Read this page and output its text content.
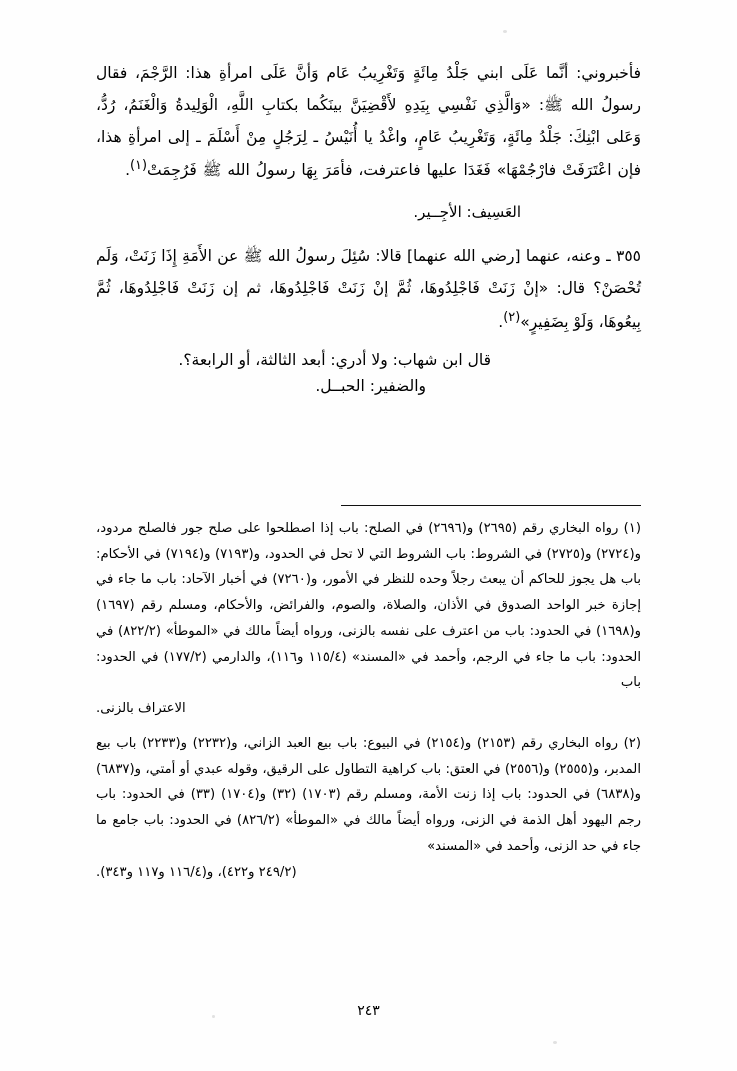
فأخبروني: أنَّما عَلَى ابني جَلْدُ مِائَةٍ وَتَغْرِيبُ عَام وَأنَّ عَلَى امرأةِ هذا: الرَّجْمَ، فقال رسولُ الله ﷺ: «وَالَّذِي نَفْسِي بِيَدِهِ لأَقْضِيَنَّ بينَكُما بكتابِ اللَّهِ، الْوَلِيدةُ وَالْغَنَمُ، رُدُّ، وَعَلى ابْنِكَ: جَلْدُ مِائَةٍ، وَتَغْرِيبُ عَامٍ، واغْدُ يا أُنَيْسُ ـ لِرَجُلٍ مِنْ أَسْلَمَ ـ إلى امرأةِ هذا، فإن اعْتَرَفَتْ فارْجُمْهَا» فَغَدَا عليها فاعترفت، فأمَرَ بِهَا رسولُ الله ﷺ فَرُجِمَتْ$^{(١)}$.

العَسِيف: الأجِــير.
٣٥٥ ـ وعنه، عنهما [رضي الله عنهما] قالا: سُئِلَ رسولُ الله ﷺ عن الأَمَةِ إِذَا زَنَتْ، وَلَم تُحْصَنْ؟ قال: «إنْ زَنَتْ فَاجْلِدُوهَا، ثُمَّ إنْ زَنَتْ فَاجْلِدُوهَا، ثم إن زَنَتْ فَاجْلِدُوهَا، ثُمَّ بِيعُوهَا، وَلَوْ بِضَفِيرٍ»$^{(٢)}$.
قال ابن شهاب: ولا أدري: أبعد الثالثة، أو الرابعة؟.
والضفير: الحبــل.
(١) رواه البخاري رقم (٢٦٩٥) و(٢٦٩٦) في الصلح: باب إذا اصطلحوا على صلح جور فالصلح مردود، و(٢٧٢٤) و(٢٧٢٥) في الشروط: باب الشروط التي لا تحل في الحدود، و(٧١٩٣) و(٧١٩٤) في الأحكام: باب هل يجوز للحاكم أن يبعث رجلاً وحده للنظر في الأمور، و(٧٢٦٠) في أخبار الآحاد: باب ما جاء في إجازة خبر الواحد الصدوق في الأذان، والصلاة، والصوم، والفرائض، والأحكام، ومسلم رقم (١٦٩٧) و(١٦٩٨) في الحدود: باب من اعترف على نفسه بالزنى، ورواه أيضاً مالك في «الموطأ» (٨٢٢/٢) في الحدود: باب ما جاء في الرجم، وأحمد في «المسند» (١١٥/٤ و١١٦)، والدارمي (١٧٧/٢) في الحدود: باب
الاعتراف بالزنى.
(٢) رواه البخاري رقم (٢١٥٣) و(٢١٥٤) في البيوع: باب بيع العبد الزاني، و(٢٢٣٢) و(٢٢٣٣) باب بيع المدبر، و(٢٥٥٥) و(٢٥٥٦) في العتق: باب كراهية التطاول على الرقيق، وقوله عبدي أو أمتي، و(٦٨٣٧) و(٦٨٣٨) في الحدود: باب إذا زنت الأمة، ومسلم رقم (١٧٠٣) (٣٢) و(١٧٠٤) (٣٣) في الحدود: باب رجم اليهود أهل الذمة في الزنى، ورواه أيضاً مالك في «الموطأ» (٨٢٦/٢) في الحدود: باب جامع ما جاء في حد الزنى، وأحمد في «المسند»
(٢٤٩/٢ و٤٢٢)، و(١١٦/٤ و١١٧ و٣٤٣).
٢٤٣
